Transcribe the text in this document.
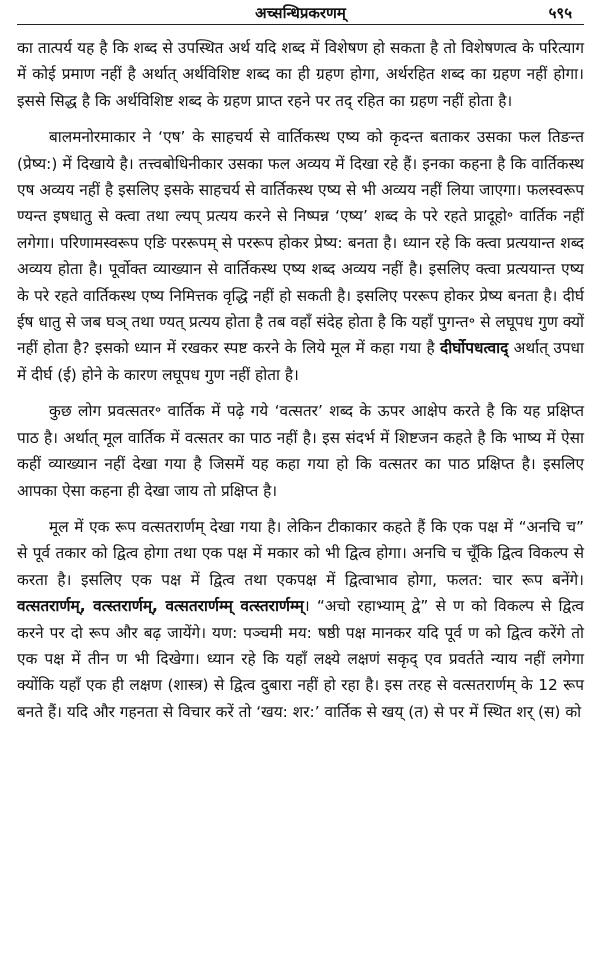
अच्सन्धिप्रकरणम्	५९५

का तात्पर्य यह है कि शब्द से उपस्थित अर्थ यदि शब्द में विशेषण हो सकता है तो विशेषणत्व के परित्याग में कोई प्रमाण नहीं है अर्थात् अर्थविशिष्ट शब्द का ही ग्रहण होगा, अर्थरहित शब्द का ग्रहण नहीं होगा। इससे सिद्ध है कि अर्थविशिष्ट शब्द के ग्रहण प्राप्त रहने पर तद् रहित का ग्रहण नहीं होता है।

बालमनोरमाकार ने ‘एष’ के साहचर्य से वार्तिकस्थ एष्य को कृदन्त बताकर उसका फल तिङन्त (प्रेष्य:) में दिखाये है। तत्त्वबोधिनीकार उसका फल अव्यय में दिखा रहे हैं। इनका कहना है कि वार्तिकस्थ एष अव्यय नहीं है इसलिए इसके साहचर्य से वार्तिकस्थ एष्य से भी अव्यय नहीं लिया जाएगा। फलस्वरूप ण्यन्त इषधातु से क्त्वा तथा ल्यप् प्रत्यय करने से निष्पन्न ‘एष्य’ शब्द के परे रहते प्रादूहो॰ वार्तिक नहीं लगेगा। परिणामस्वरूप एङि पररूपम् से पररूप होकर प्रेष्य: बनता है। ध्यान रहे कि क्त्वा प्रत्ययान्त शब्द अव्यय होता है। पूर्वोक्त व्याख्यान से वार्तिकस्थ एष्य शब्द अव्यय नहीं है। इसलिए क्त्वा प्रत्ययान्त एष्य के परे रहते वार्तिकस्थ एष्य निमित्तक वृद्धि नहीं हो सकती है। इसलिए पररूप होकर प्रेष्य बनता है। दीर्घ ईष धातु से जब घञ् तथा ण्यत् प्रत्यय होता है तब वहाँ संदेह होता है कि यहाँ पुगन्त॰ से लघूपध गुण क्यों नहीं होता है? इसको ध्यान में रखकर स्पष्ट करने के लिये मूल में कहा गया है दीर्घोपधत्वाद् अर्थात् उपधा में दीर्घ (ई) होने के कारण लघूपध गुण नहीं होता है।

कुछ लोग प्रवत्सतर॰ वार्तिक में पढ़े गये ‘वत्सतर’ शब्द के ऊपर आक्षेप करते है कि यह प्रक्षिप्त पाठ है। अर्थात् मूल वार्तिक में वत्सतर का पाठ नहीं है। इस संदर्भ में शिष्टजन कहते है कि भाष्य में ऐसा कहीं व्याख्यान नहीं देखा गया है जिसमें यह कहा गया हो कि वत्सतर का पाठ प्रक्षिप्त है। इसलिए आपका ऐसा कहना ही देखा जाय तो प्रक्षिप्त है।

मूल में एक रूप वत्सतरार्णम् देखा गया है। लेकिन टीकाकार कहते हैं कि एक पक्ष में “अनचि च” से पूर्व तकार को द्वित्व होगा तथा एक पक्ष में मकार को भी द्वित्व होगा। अनचि च चूँकि द्वित्व विकल्प से करता है। इसलिए एक पक्ष में द्वित्व तथा एकपक्ष में द्वित्वाभाव होगा, फलत: चार रूप बनेंगे। वत्सतरार्णम्, वत्स्तरार्णम्, वत्सतरार्णम्म् वत्स्तरार्णम्म्। “अचो रहाभ्याम् द्वे” से ण को विकल्प से द्वित्व करने पर दो रूप और बढ़ जायेंगे। यण: पञ्चमी मय: षष्ठी पक्ष मानकर यदि पूर्व ण को द्वित्व करेंगे तो एक पक्ष में तीन ण भी दिखेगा। ध्यान रहे कि यहाँ लक्ष्ये लक्षणं सकृद् एव प्रवर्तते न्याय नहीं लगेगा क्योंकि यहाँ एक ही लक्षण (शास्त्र) से द्वित्व दुबारा नहीं हो रहा है। इस तरह से वत्सतरार्णम् के 12 रूप बनते हैं। यदि और गहनता से विचार करें तो ‘खय: शर:’ वार्तिक से खय् (त) से पर में स्थित शर् (स) को
